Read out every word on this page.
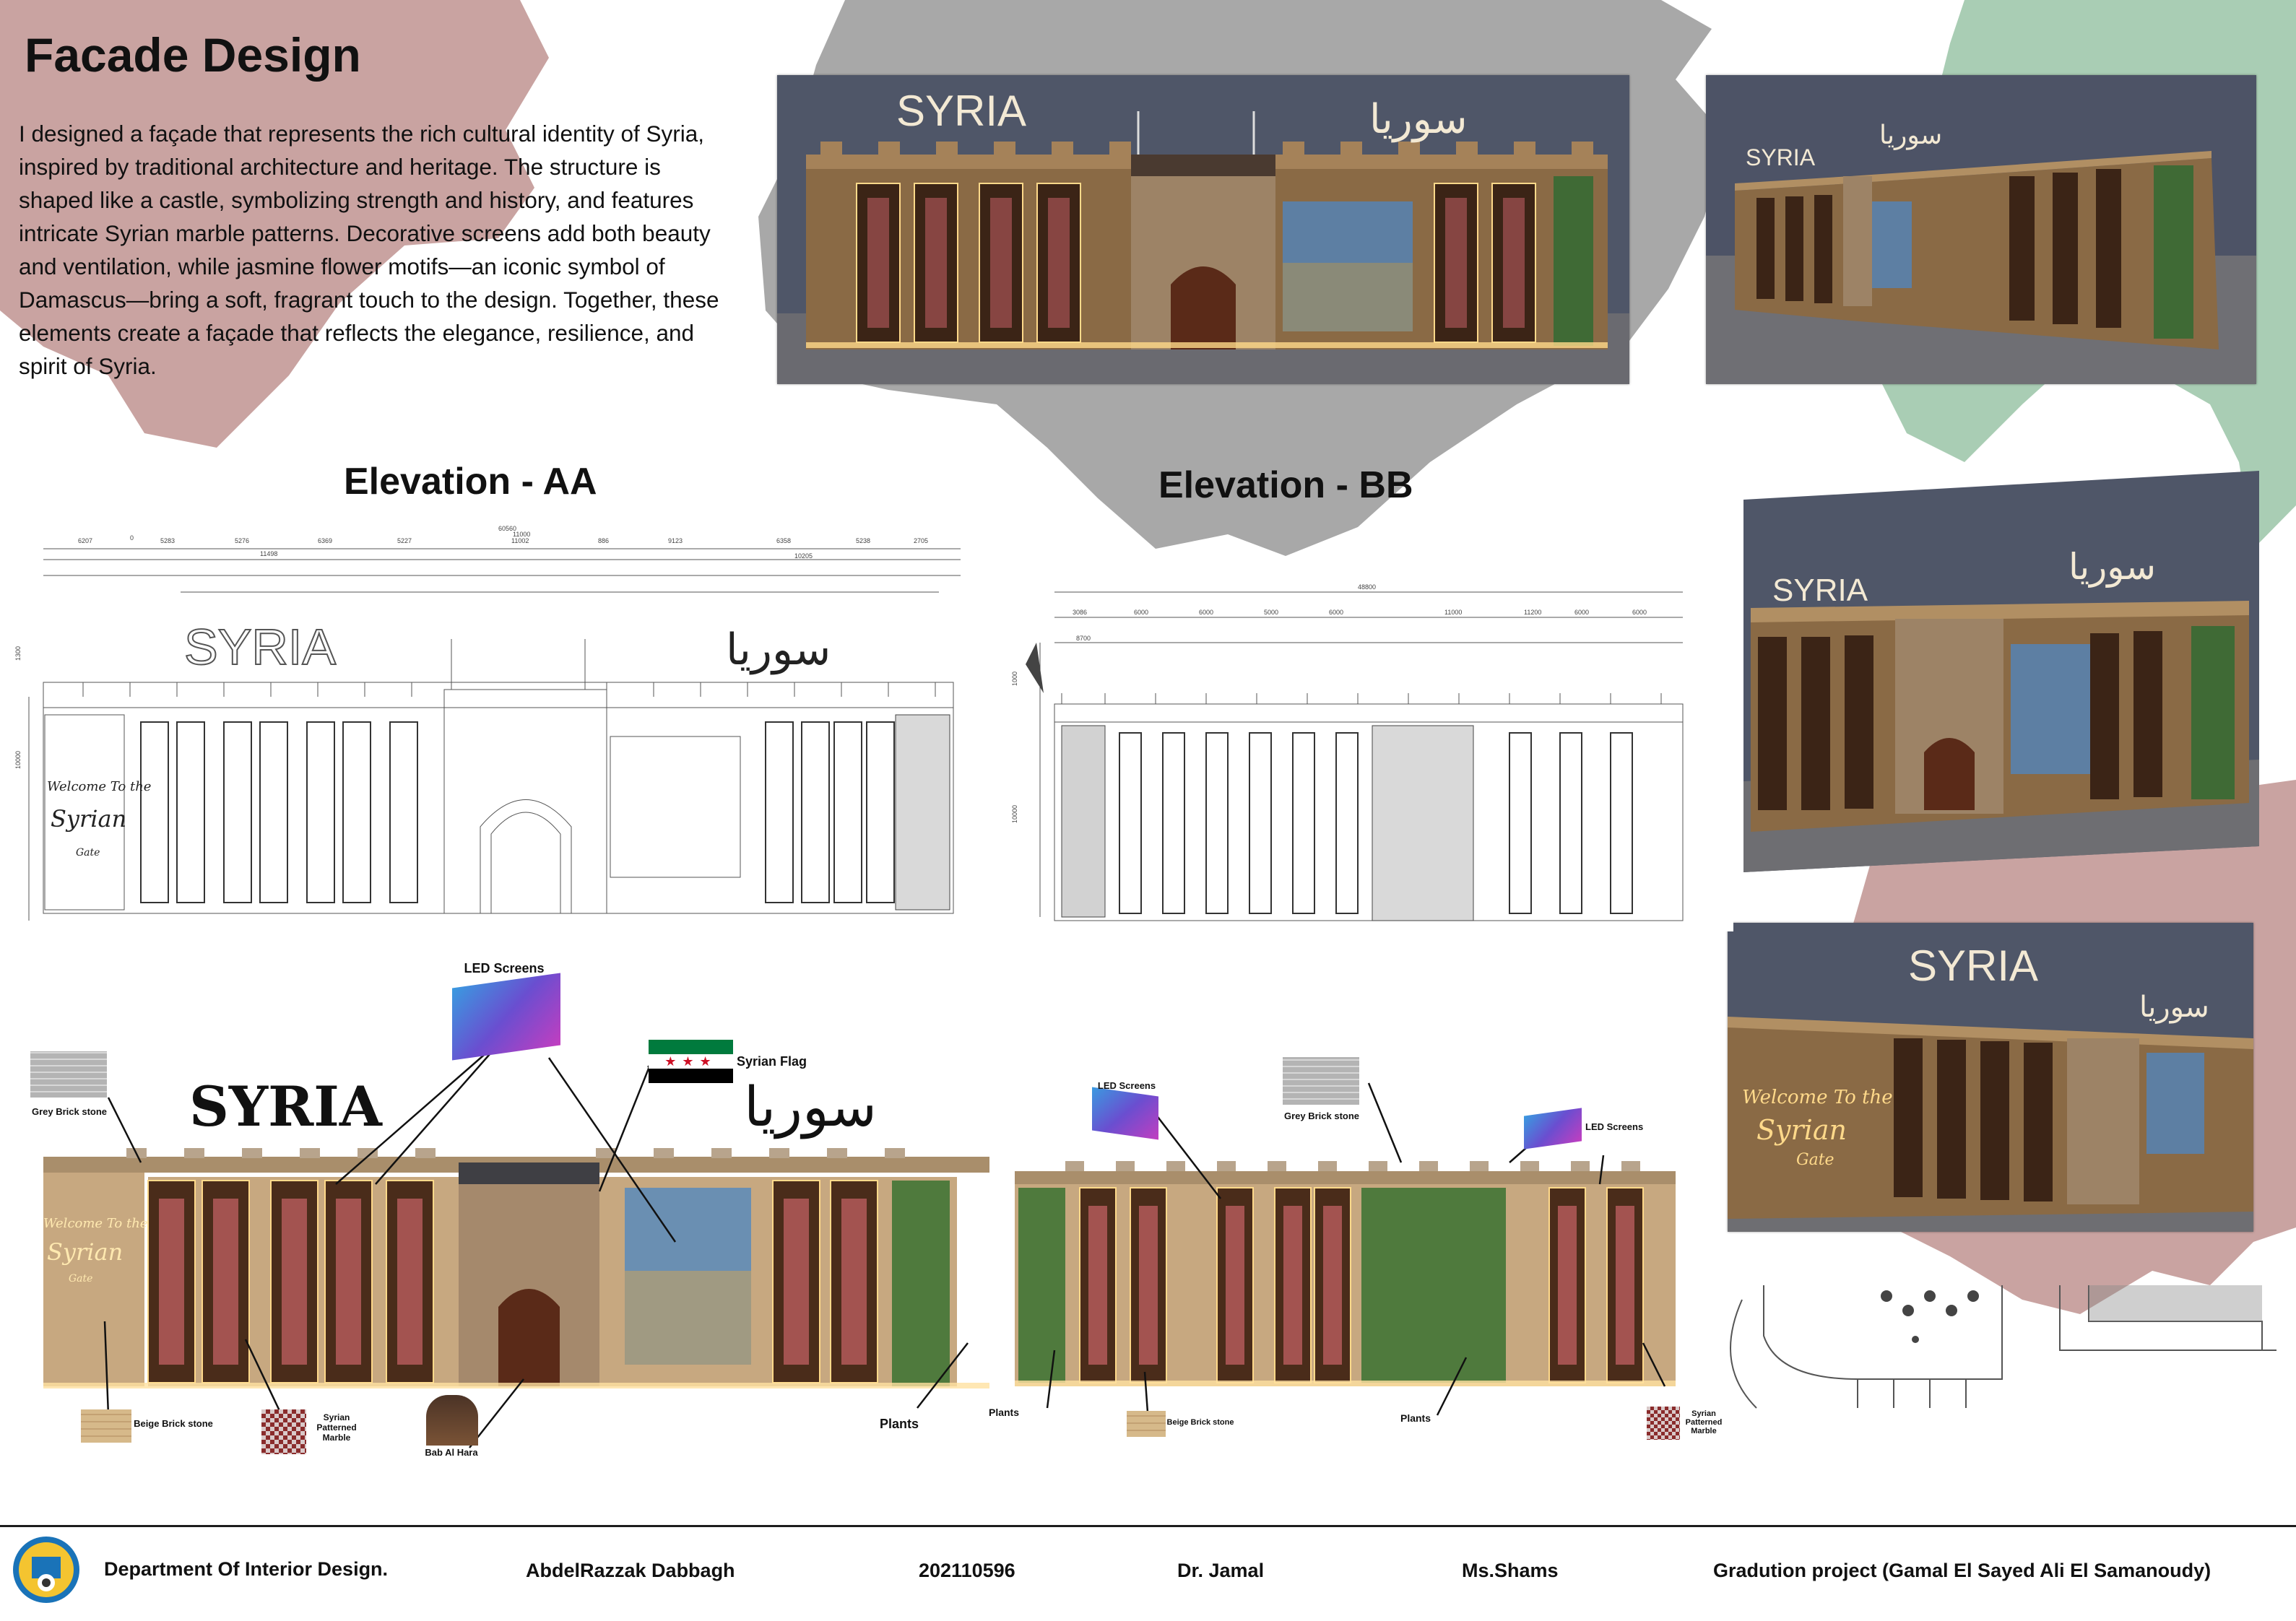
Facade Design

I designed a façade that represents the rich cultural identity of Syria, inspired by traditional architecture and heritage. The structure is shaped like a castle, symbolizing strength and history, and features intricate Syrian marble patterns. Decorative screens add both beauty and ventilation, while jasmine flower motifs—an iconic symbol of Damascus—bring a soft, fragrant touch to the design. Together, these elements create a façade that reflects the elegance, resilience, and spirit of Syria.

SYRIA	سوريا
SYRIA
سوريا
SYRIA
سوريا
Welcome To the
Syrian
Gate
SYRIA
سوريا
Elevation - AA	Elevation - BB
60560
11000
6207	0	5283	5276	6369	5227	11002	886	9123	6358	5238	2705
11498	10205
1300
10000
Welcome To the
Syrian
Gate
SYRIA	سوريا
48800
3086	6000	6000	5000	6000	11000	11200	6000	6000
8700
1000
10000
Welcome To the
Syrian
Gate
SYRIA	سوريا
Grey Brick stone
LED Screens
★★★	Syrian Flag
Beige Brick stone
Syrian Patterned Marble
Bab Al Hara
Plants
LED Screens
Grey Brick stone
LED Screens
Plants
Beige Brick stone	Plants	Syrian Patterned Marble
Department Of Interior Design.	AbdelRazzak Dabbagh	202110596	Dr. Jamal	Ms.Shams	Gradution project (Gamal El Sayed Ali El Samanoudy)
